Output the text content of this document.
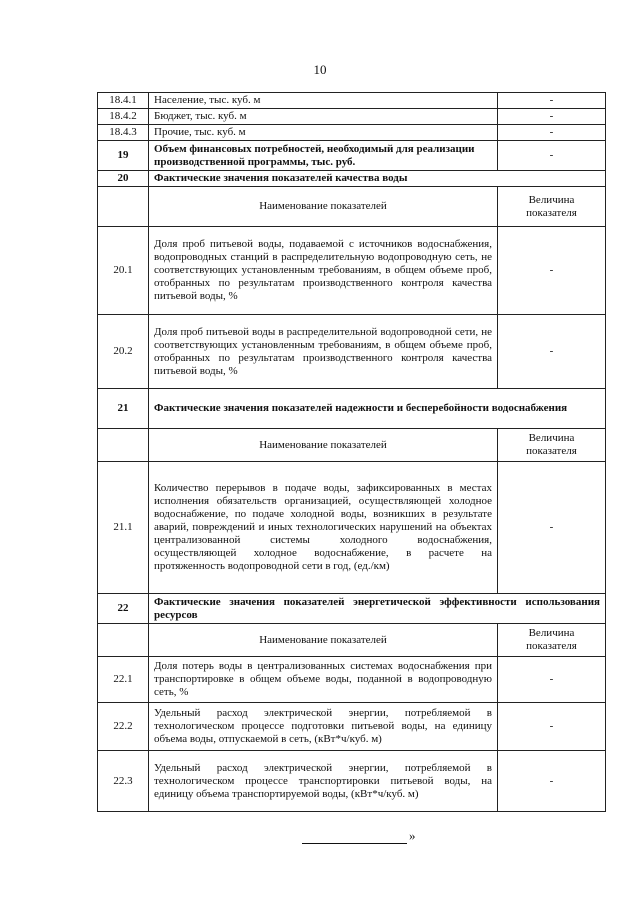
10
18.4.1	Население, тыс. куб. м	-
18.4.2	Бюджет, тыс. куб. м	-
18.4.3	Прочие, тыс. куб. м	-
19	Объем финансовых потребностей, необходимый для реализации производственной программы, тыс. руб.	-
20	Фактические значения показателей качества воды	
	Наименование показателей	Величина показателя
20.1	Доля проб питьевой воды, подаваемой с источников водоснабжения, водопроводных станций в распределительную водопроводную сеть, не соответствующих установленным требованиям, в общем объеме проб, отобранных по результатам производственного контроля качества питьевой воды, %	-
20.2	Доля проб питьевой воды в распределительной водопроводной сети, не соответствующих установленным требованиям, в общем объеме проб, отобранных по результатам производственного контроля качества питьевой воды, %	-
21	Фактические значения показателей надежности и бесперебойности водоснабжения	
	Наименование показателей	Величина показателя
21.1	Количество перерывов в подаче воды, зафиксированных в местах исполнения обязательств организацией, осуществляющей холодное водоснабжение, по подаче холодной воды, возникших в результате аварий, повреждений и иных технологических нарушений на объектах централизованной системы холодного водоснабжения, осуществляющей холодное водоснабжение, в расчете на протяженность водопроводной сети в год, (ед./км)	-
22	Фактические значения показателей энергетической эффективности использования ресурсов	
	Наименование показателей	Величина показателя
22.1	Доля потерь воды в централизованных системах водоснабжения при транспортировке в общем объеме воды, поданной в водопроводную сеть, %	-
22.2	Удельный расход электрической энергии, потребляемой в технологическом процессе подготовки питьевой воды, на единицу объема воды, отпускаемой в сеть, (кВт*ч/куб. м)	-
22.3	Удельный расход электрической энергии, потребляемой в технологическом процессе транспортировки питьевой воды, на единицу объема транспортируемой воды, (кВт*ч/куб. м)	-
»
